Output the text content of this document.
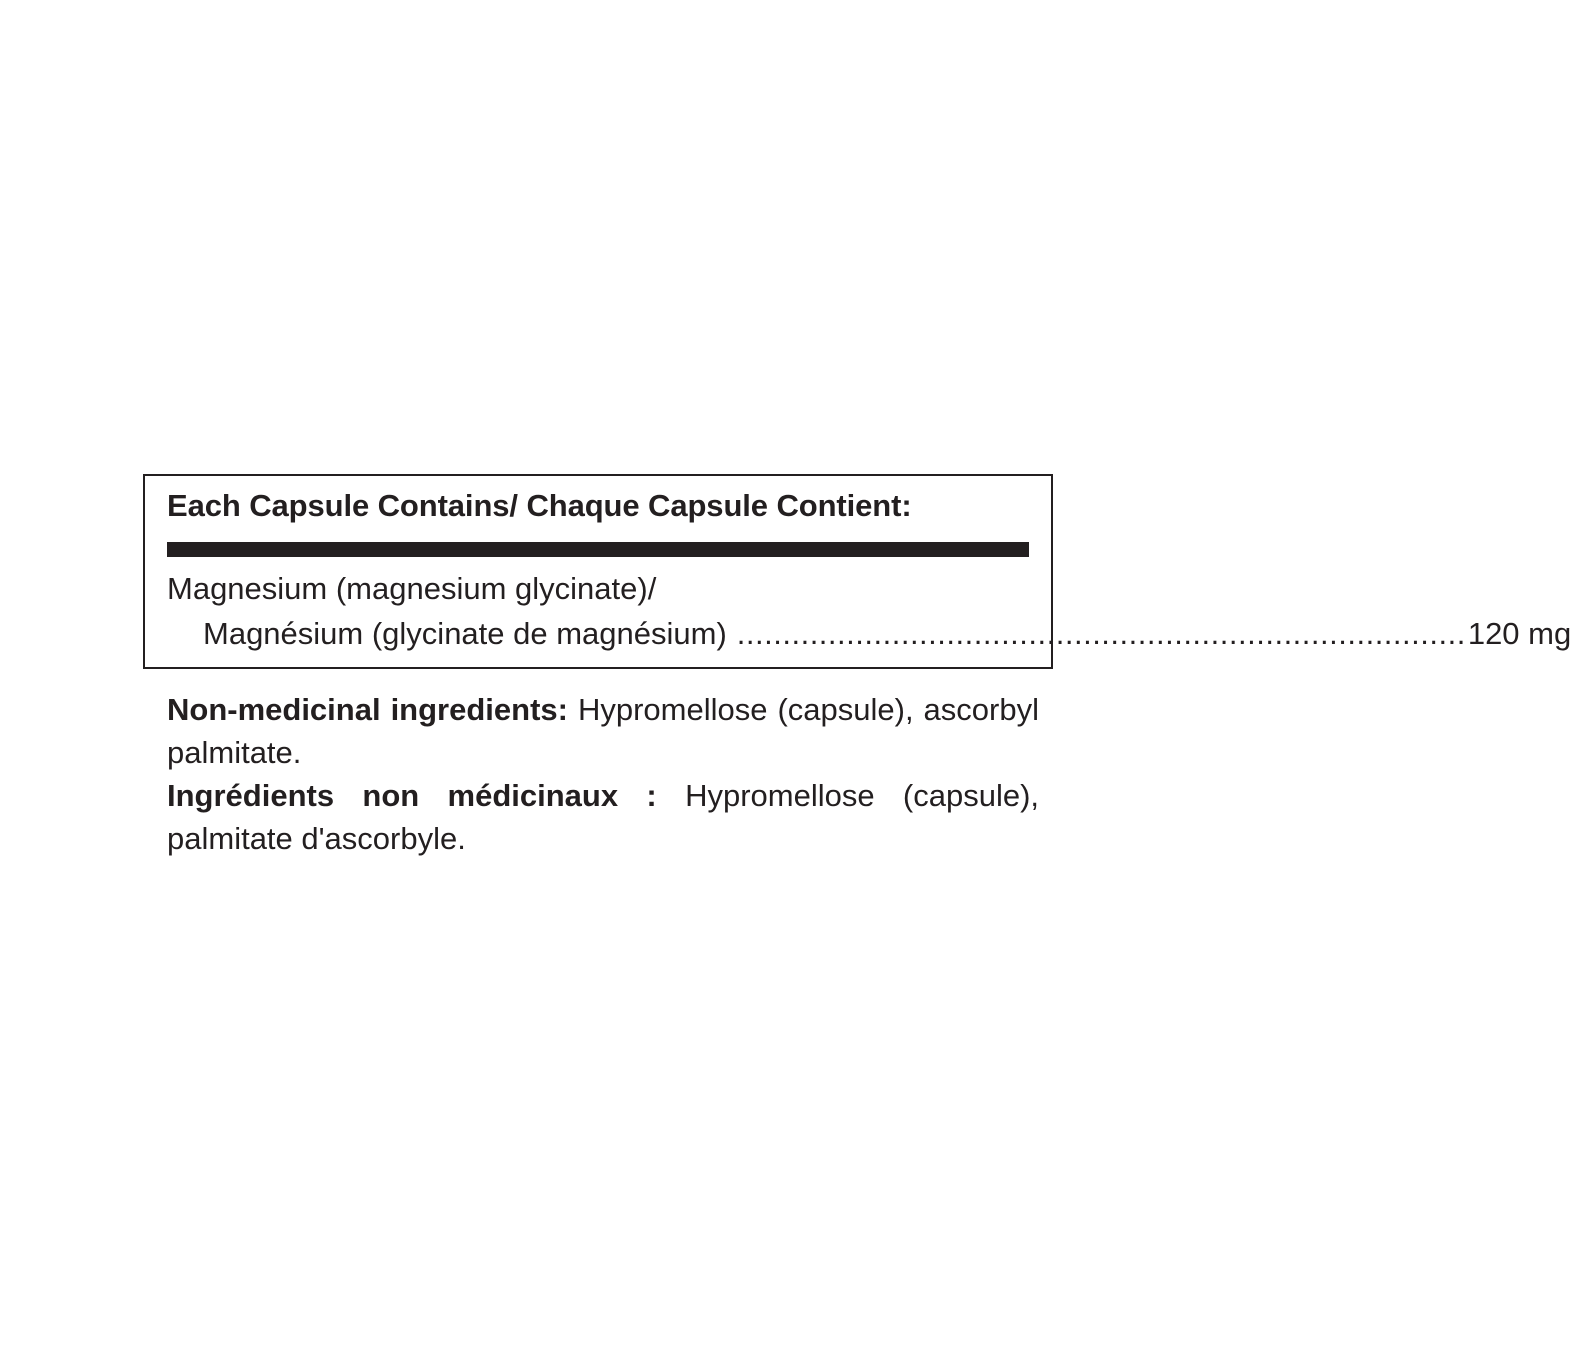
Each Capsule Contains/ Chaque Capsule Contient:
Magnesium (magnesium glycinate)/
Magnésium (glycinate de magnésium) ................................................................................ 120 mg

Non-medicinal ingredients: Hypromellose (capsule), ascorbyl palmitate.

Ingrédients non médicinaux : Hypromellose (capsule), palmitate d'ascorbyle.
